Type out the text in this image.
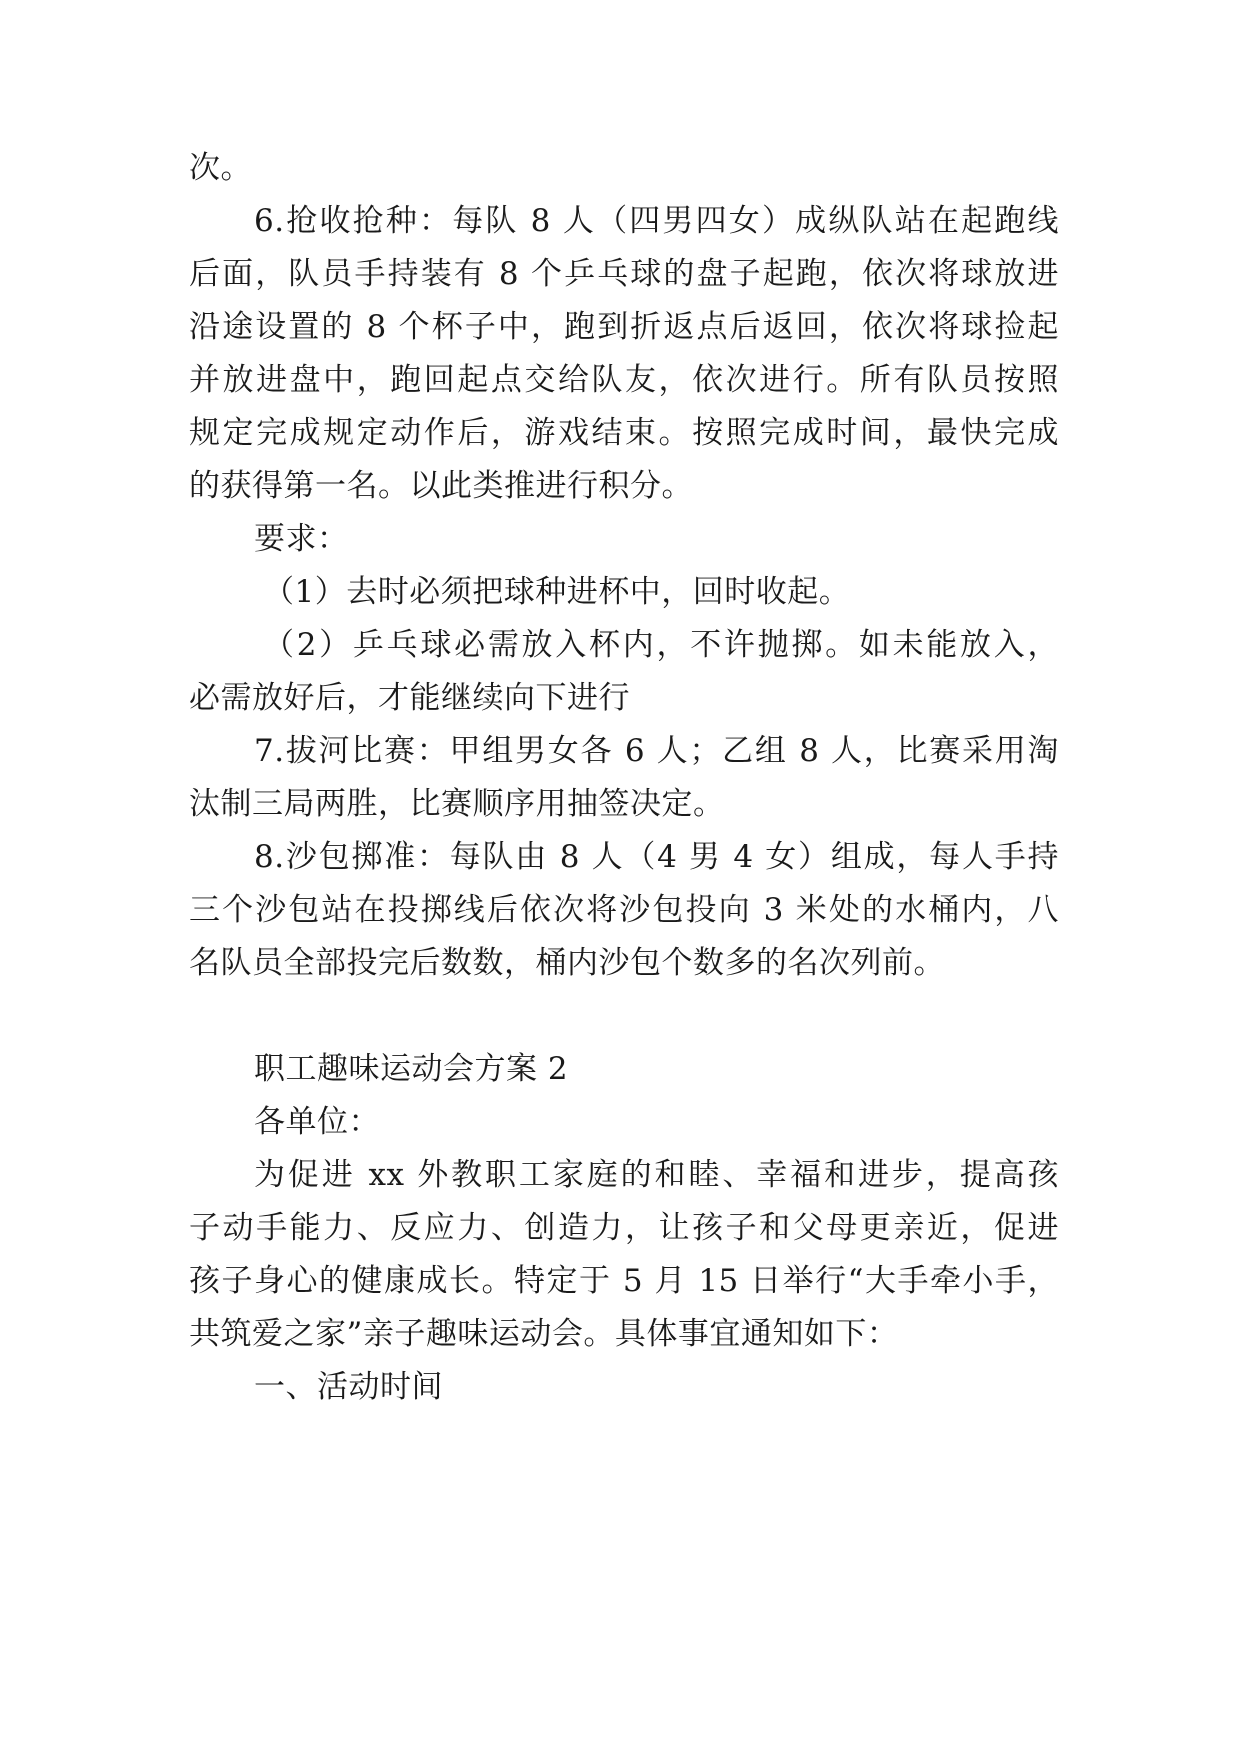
次。

6.抢收抢种：每队 8 人（四男四女）成纵队站在起跑线

后面，队员手持装有 8 个乒乓球的盘子起跑，依次将球放进

沿途设置的 8 个杯子中，跑到折返点后返回，依次将球捡起

并放进盘中，跑回起点交给队友，依次进行。所有队员按照

规定完成规定动作后，游戏结束。按照完成时间，最快完成

的获得第一名。以此类推进行积分。

要求：

（1）去时必须把球种进杯中，回时收起。

（2）乒乓球必需放入杯内，不许抛掷。如未能放入，

必需放好后，才能继续向下进行

7.拔河比赛：甲组男女各 6 人；乙组 8 人，比赛采用淘

汰制三局两胜，比赛顺序用抽签决定。

8.沙包掷准：每队由 8 人（4 男 4 女）组成，每人手持

三个沙包站在投掷线后依次将沙包投向 3 米处的水桶内，八

名队员全部投完后数数，桶内沙包个数多的名次列前。

职工趣味运动会方案 2

各单位：

为促进 xx 外教职工家庭的和睦、幸福和进步，提高孩

子动手能力、反应力、创造力，让孩子和父母更亲近，促进

孩子身心的健康成长。特定于 5 月 15 日举行“大手牵小手，

共筑爱之家”亲子趣味运动会。具体事宜通知如下：

一、活动时间
